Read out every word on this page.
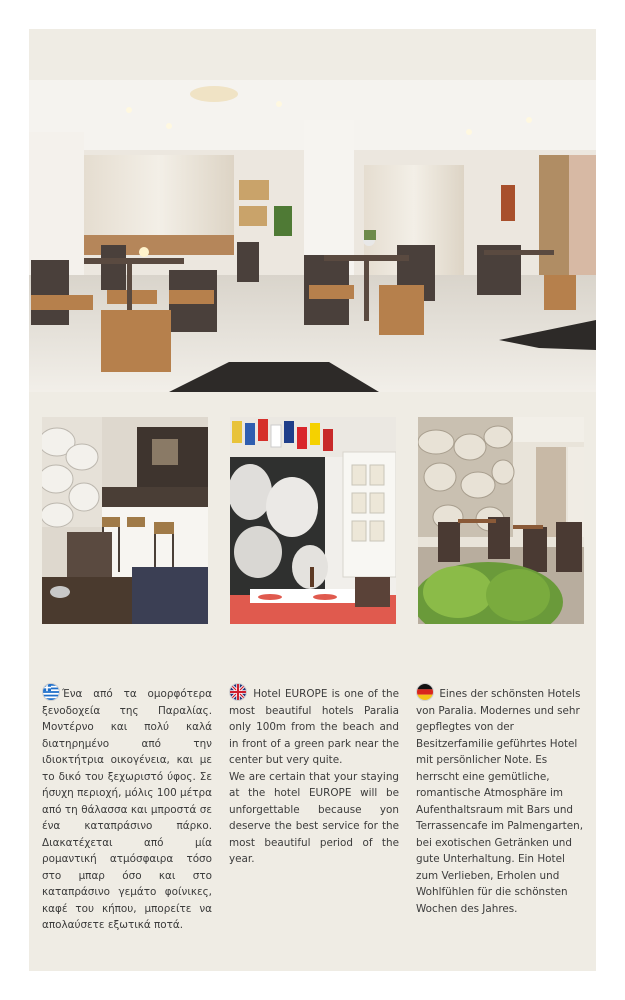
Ένα από τα ομορφότερα ξενοδοχεία της Παραλίας. Μοντέρνο και πολύ καλά διατηρημένο από την ιδιοκτήτρια οικογένεια, και με το δικό του ξεχωριστό ύφος. Σε ήσυχη περιοχή, μόλις 100 μέτρα από τη θάλασσα και μπροστά σε ένα καταπράσινο πάρκο. Διακατέχεται από μία ρομαντική ατμόσφαιρα τόσο στο μπαρ όσο και στο καταπράσινο γεμάτο φοίνικες, καφέ του κήπου, μπορείτε να απολαύσετε εξωτικά ποτά.

Hotel EUROPE is one of the most beautiful hotels Paralia only 100m from the beach and in front of a green park near the center but very quite.

We are certain that your staying at the hotel EUROPE will be unforgettable because yon deserve the best service for the most beautiful period of the year.

Eines der schönsten Hotels von Paralia. Modernes und sehr gepflegtes von der Besitzerfamilie geführtes Hotel mit persönlicher Note. Es herrscht eine gemütliche, romantische Atmosphäre im Aufenthaltsraum mit Bars und Terrassencafe im Palmengarten, bei exotischen Getränken und gute Unterhaltung. Ein Hotel zum Verlieben, Erholen und Wohlfühlen für die schönsten Wochen des Jahres.
